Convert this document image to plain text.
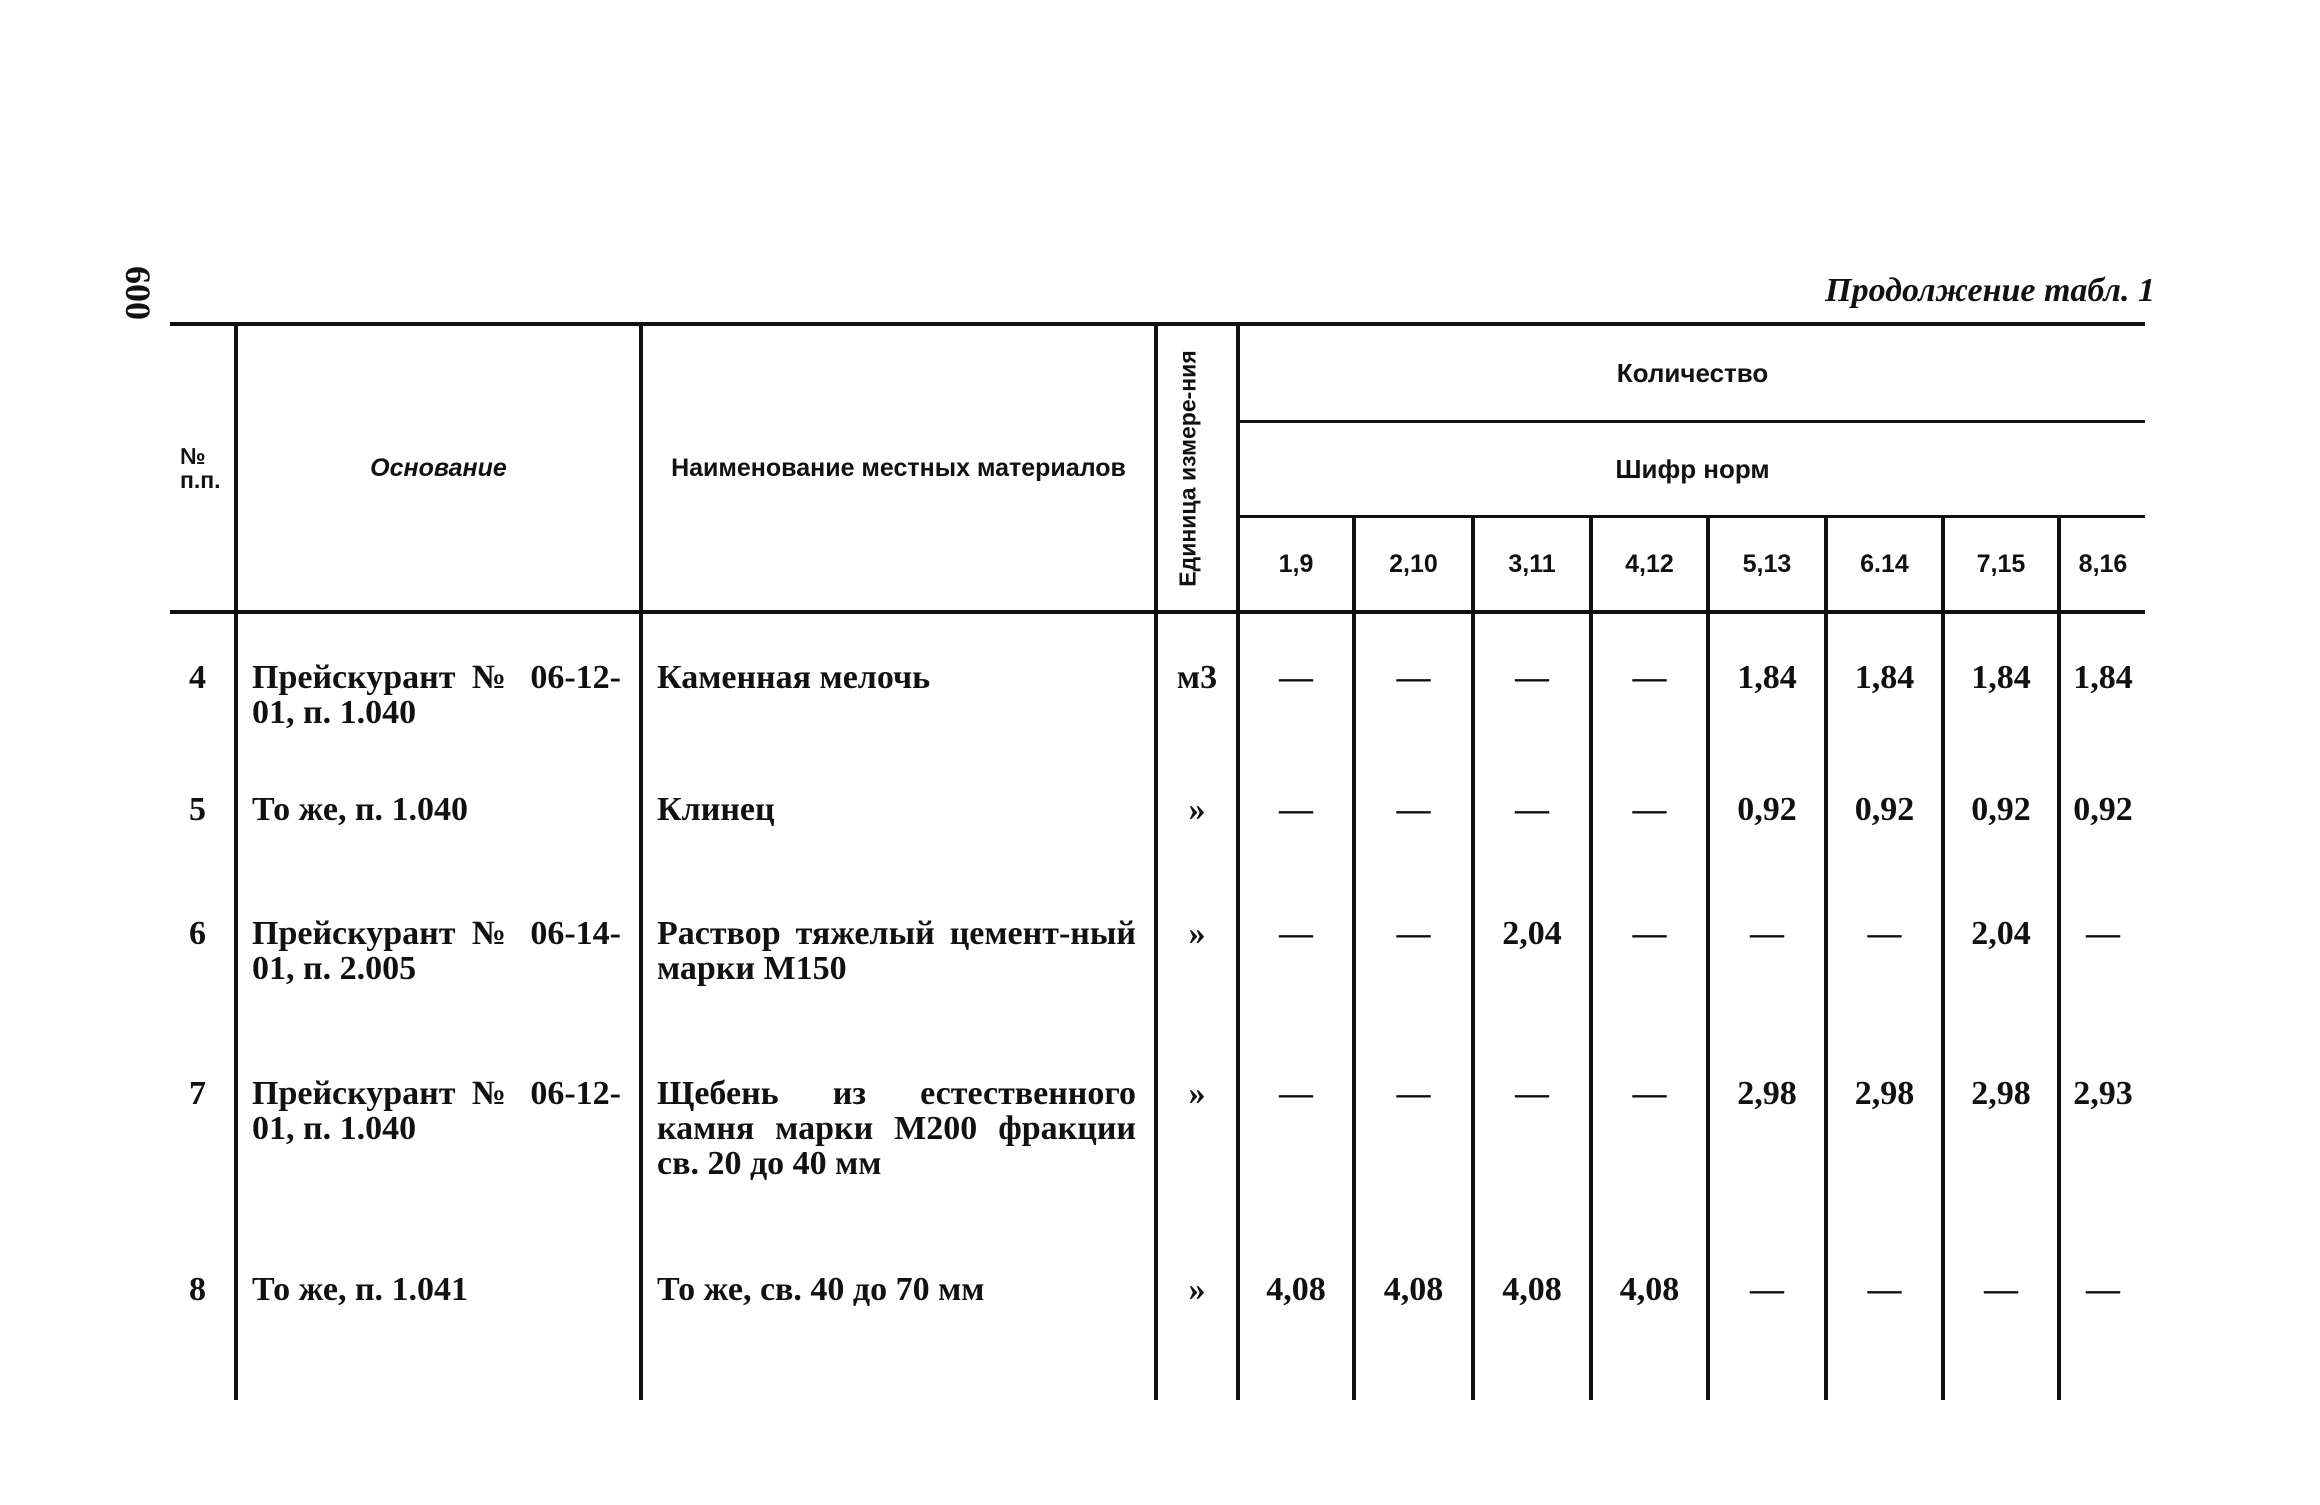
600	Продолжение табл. 1
№ п.п.	Основание	Наименование местных материалов	Единица измере-ния	Количество							
				Шифр норм							
				1,9	2,10	3,11	4,12	5,13	6.14	7,15	8,16
4	Прейскурант № 06-12-01, п. 1.040	Каменная мелочь	м3	—	—	—	—	1,84	1,84	1,84	1,84
5	То же, п. 1.040	Клинец	»	—	—	—	—	0,92	0,92	0,92	0,92
6	Прейскурант № 06-14-01, п. 2.005	Раствор тяжелый цемент-ный марки М150	»	—	—	2,04	—	—	—	2,04	—
7	Прейскурант № 06-12-01, п. 1.040	Щебень из естественного камня марки М200 фракции св. 20 до 40 мм	»	—	—	—	—	2,98	2,98	2,98	2,93
8	То же, п. 1.041	То же, св. 40 до 70 мм	»	4,08	4,08	4,08	4,08	—	—	—	—
